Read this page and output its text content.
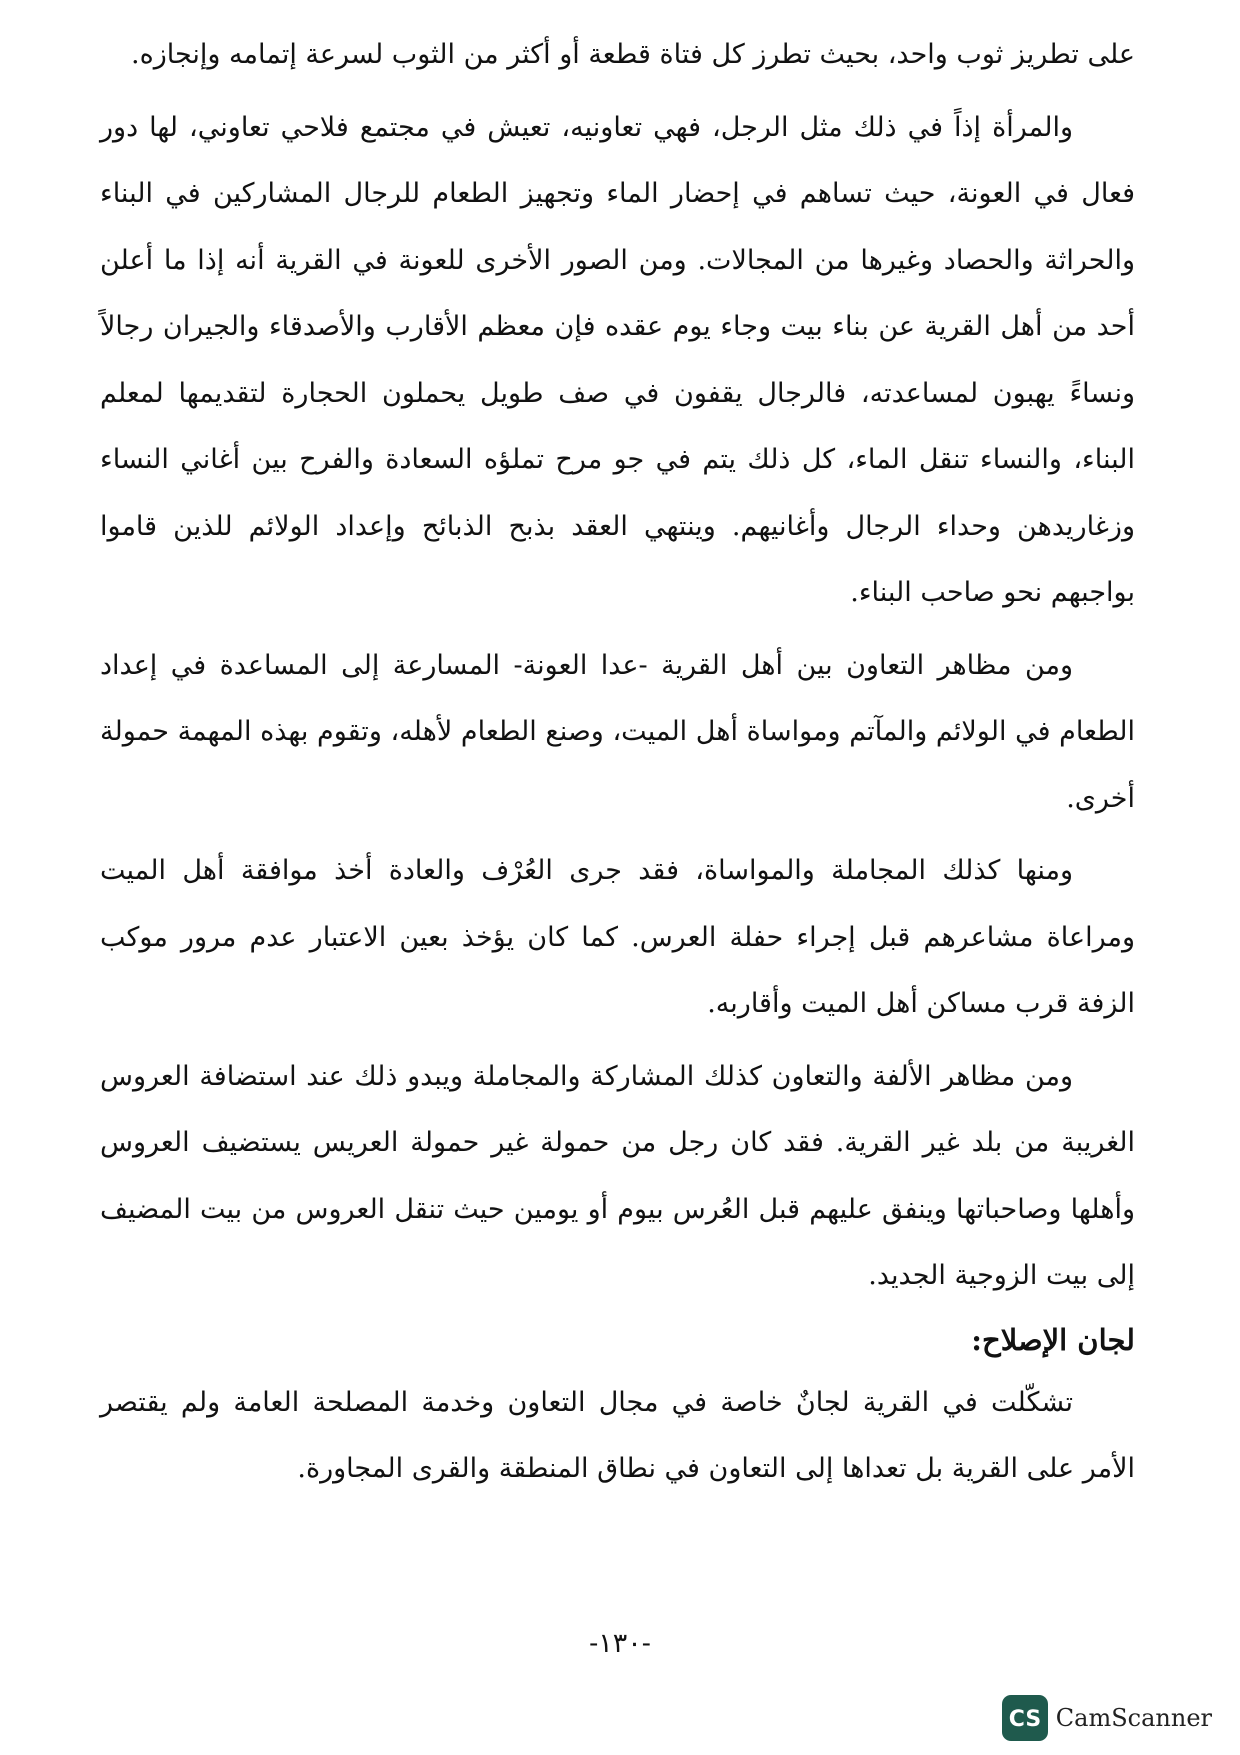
على تطريز ثوب واحد، بحيث تطرز كل فتاة قطعة أو أكثر من الثوب لسرعة إتمامه وإنجازه.

والمرأة إذاً في ذلك مثل الرجل، فهي تعاونيه، تعيش في مجتمع فلاحي تعاوني، لها دور فعال في العونة، حيث تساهم في إحضار الماء وتجهيز الطعام للرجال المشاركين في البناء والحراثة والحصاد وغيرها من المجالات. ومن الصور الأخرى للعونة في القرية أنه إذا ما أعلن أحد من أهل القرية عن بناء بيت وجاء يوم عقده فإن معظم الأقارب والأصدقاء والجيران رجالاً ونساءً يهبون لمساعدته، فالرجال يقفون في صف طويل يحملون الحجارة لتقديمها لمعلم البناء، والنساء تنقل الماء، كل ذلك يتم في جو مرح تملؤه السعادة والفرح بين أغاني النساء وزغاريدهن وحداء الرجال وأغانيهم. وينتهي العقد بذبح الذبائح وإعداد الولائم للذين قاموا بواجبهم نحو صاحب البناء.

ومن مظاهر التعاون بين أهل القرية -عدا العونة- المسارعة إلى المساعدة في إعداد الطعام في الولائم والمآتم ومواساة أهل الميت، وصنع الطعام لأهله، وتقوم بهذه المهمة حمولة أخرى.

ومنها كذلك المجاملة والمواساة، فقد جرى العُرْف والعادة أخذ موافقة أهل الميت ومراعاة مشاعرهم قبل إجراء حفلة العرس. كما كان يؤخذ بعين الاعتبار عدم مرور موكب الزفة قرب مساكن أهل الميت وأقاربه.

ومن مظاهر الألفة والتعاون كذلك المشاركة والمجاملة ويبدو ذلك عند استضافة العروس الغريبة من بلد غير القرية. فقد كان رجل من حمولة غير حمولة العريس يستضيف العروس وأهلها وصاحباتها وينفق عليهم قبل العُرس بيوم أو يومين حيث تنقل العروس من بيت المضيف إلى بيت الزوجية الجديد.

لجان الإصلاح:

تشكّلت في القرية لجانٌ خاصة في مجال التعاون وخدمة المصلحة العامة ولم يقتصر الأمر على القرية بل تعداها إلى التعاون في نطاق المنطقة والقرى المجاورة.

-١٣٠-
CS CamScanner
